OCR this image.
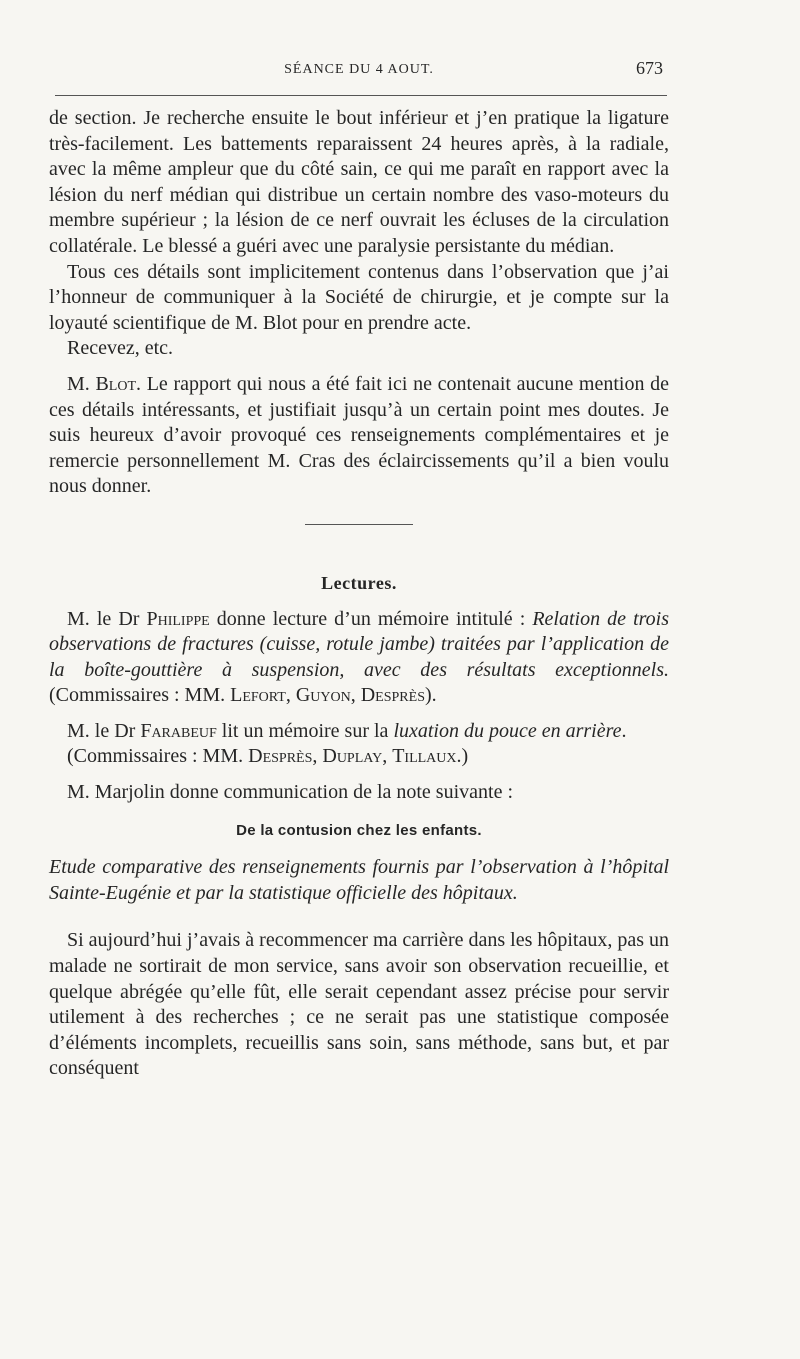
SÉANCE DU 4 AOUT.	673

de section. Je recherche ensuite le bout inférieur et j’en pratique la ligature très-facilement. Les battements reparaissent 24 heures après, à la radiale, avec la même ampleur que du côté sain, ce qui me paraît en rapport avec la lésion du nerf médian qui distribue un certain nombre des vaso-moteurs du membre supérieur ; la lésion de ce nerf ouvrait les écluses de la circulation collatérale. Le blessé a guéri avec une paralysie persistante du médian.

Tous ces détails sont implicitement contenus dans l’observation que j’ai l’honneur de communiquer à la Société de chirurgie, et je compte sur la loyauté scientifique de M. Blot pour en prendre acte.

Recevez, etc.

M. Blot. Le rapport qui nous a été fait ici ne contenait aucune mention de ces détails intéressants, et justifiait jusqu’à un certain point mes doutes. Je suis heureux d’avoir provoqué ces renseignements complémentaires et je remercie personnellement M. Cras des éclaircissements qu’il a bien voulu nous donner.

Lectures.

M. le Dr Philippe donne lecture d’un mémoire intitulé : Relation de trois observations de fractures (cuisse, rotule jambe) traitées par l’application de la boîte-gouttière à suspension, avec des résultats exceptionnels. (Commissaires : MM. Lefort, Guyon, Desprès).

M. le Dr Farabeuf lit un mémoire sur la luxation du pouce en arrière.

(Commissaires : MM. Desprès, Duplay, Tillaux.)

M. Marjolin donne communication de la note suivante :

De la contusion chez les enfants.

Etude comparative des renseignements fournis par l’observation à l’hôpital Sainte-Eugénie et par la statistique officielle des hôpitaux.

Si aujourd’hui j’avais à recommencer ma carrière dans les hôpitaux, pas un malade ne sortirait de mon service, sans avoir son observation recueillie, et quelque abrégée qu’elle fût, elle serait cependant assez précise pour servir utilement à des recherches ; ce ne serait pas une statistique composée d’éléments incomplets, recueillis sans soin, sans méthode, sans but, et par conséquent
